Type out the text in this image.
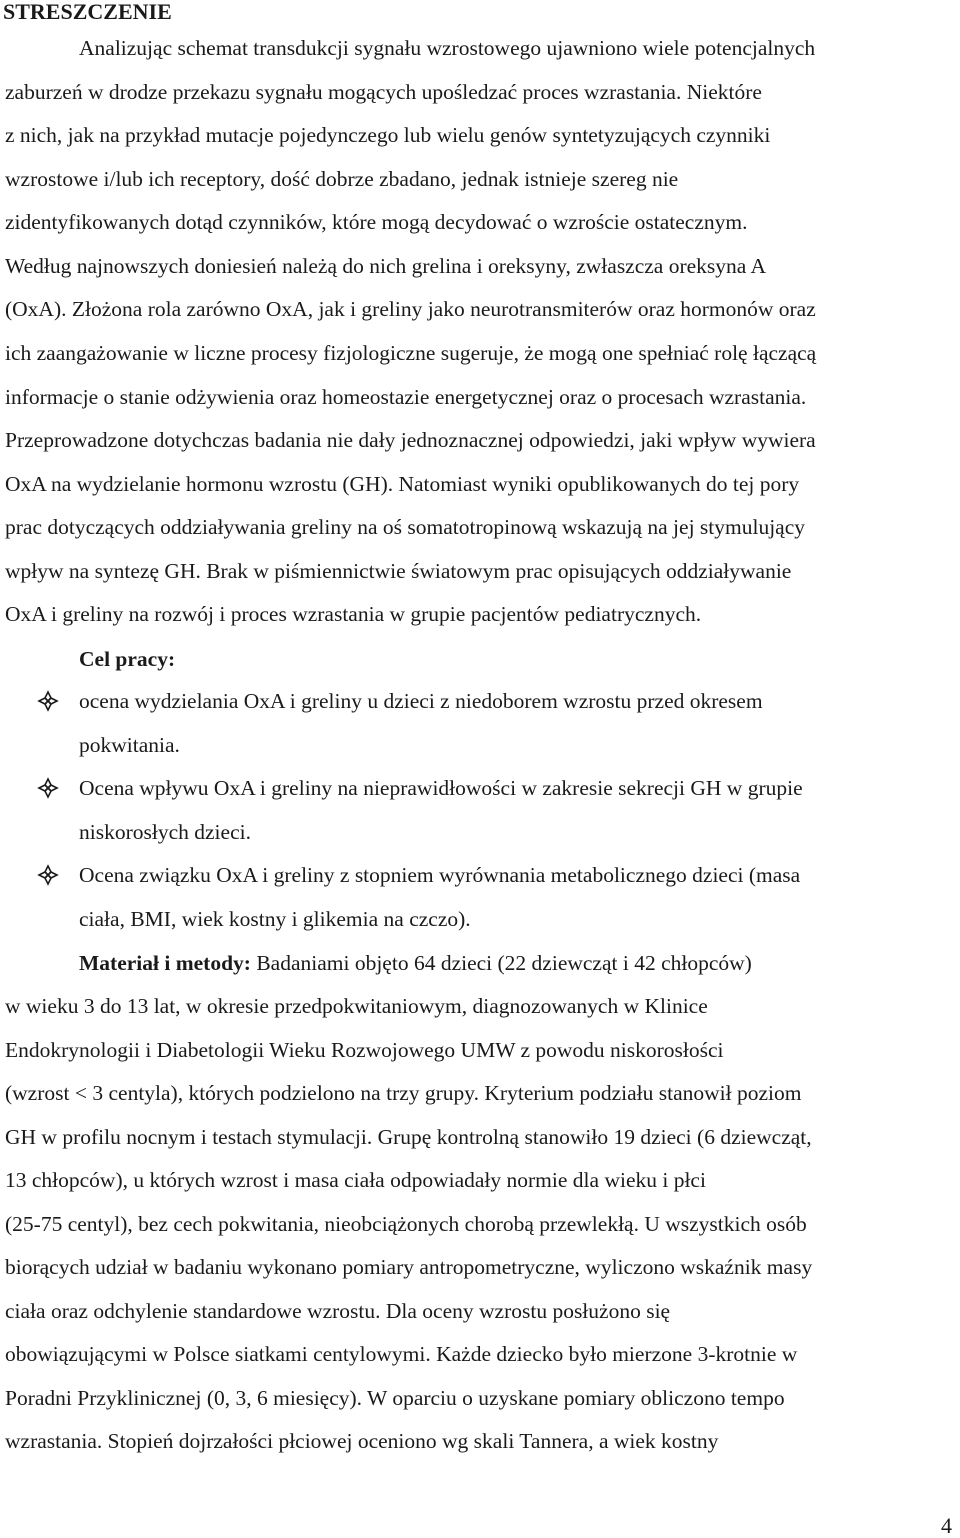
STRESZCZENIE
Analizując schemat transdukcji sygnału wzrostowego ujawniono wiele potencjalnych
zaburzeń w drodze przekazu sygnału mogących upośledzać proces wzrastania. Niektóre
z nich, jak na przykład mutacje pojedynczego lub wielu genów syntetyzujących czynniki
wzrostowe i/lub ich receptory, dość dobrze zbadano, jednak istnieje szereg nie
zidentyfikowanych dotąd czynników, które mogą decydować o wzroście ostatecznym.
Według najnowszych doniesień należą do nich grelina i oreksyny, zwłaszcza oreksyna A
(OxA). Złożona rola zarówno OxA, jak i greliny jako neurotransmiterów oraz hormonów oraz
ich zaangażowanie w liczne procesy fizjologiczne sugeruje, że mogą one spełniać rolę łączącą
informacje o stanie odżywienia oraz homeostazie energetycznej oraz o procesach wzrastania.
Przeprowadzone dotychczas badania nie dały jednoznacznej odpowiedzi, jaki wpływ wywiera
OxA na wydzielanie hormonu wzrostu (GH). Natomiast wyniki opublikowanych do tej pory
prac dotyczących oddziaływania greliny na oś somatotropinową wskazują na jej stymulujący
wpływ na syntezę GH. Brak w piśmiennictwie światowym prac opisujących oddziaływanie
OxA i greliny na rozwój i proces wzrastania w grupie pacjentów pediatrycznych.
Cel pracy:
ocena wydzielania OxA i greliny u dzieci z niedoborem wzrostu przed okresem
pokwitania.
Ocena wpływu OxA i greliny na nieprawidłowości w zakresie sekrecji GH w grupie
niskorosłych dzieci.
Ocena związku OxA i greliny z stopniem wyrównania metabolicznego dzieci (masa
ciała, BMI, wiek kostny i glikemia na czczo).
Materiał i metody: Badaniami objęto 64 dzieci (22 dziewcząt i 42 chłopców)
w wieku 3 do 13 lat, w okresie przedpokwitaniowym, diagnozowanych w Klinice
Endokrynologii i Diabetologii Wieku Rozwojowego UMW z powodu niskorosłości
(wzrost < 3 centyla), których podzielono na trzy grupy. Kryterium podziału stanowił poziom
GH w profilu nocnym i testach stymulacji. Grupę kontrolną stanowiło 19 dzieci (6 dziewcząt,
13 chłopców), u których wzrost i masa ciała odpowiadały normie dla wieku i płci
(25-75 centyl), bez cech pokwitania, nieobciążonych chorobą przewlekłą. U wszystkich osób
biorących udział w badaniu wykonano pomiary antropometryczne, wyliczono wskaźnik masy
ciała oraz odchylenie standardowe wzrostu. Dla oceny wzrostu posłużono się
obowiązującymi w Polsce siatkami centylowymi. Każde dziecko było mierzone 3-krotnie w
Poradni Przyklinicznej (0, 3, 6 miesięcy). W oparciu o uzyskane pomiary obliczono tempo
wzrastania. Stopień dojrzałości płciowej oceniono wg skali Tannera, a wiek kostny
4
